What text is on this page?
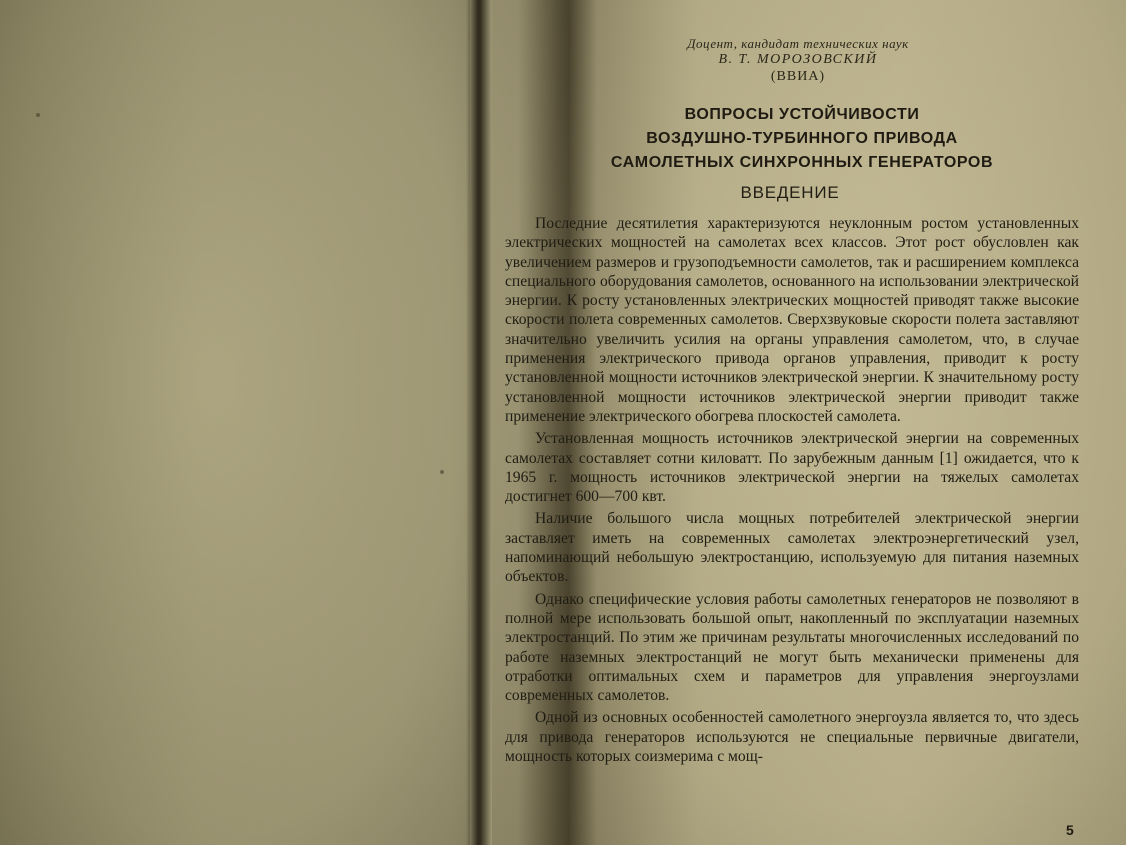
Доцент, кандидат технических наук
В. Т. МОРОЗОВСКИЙ
(ВВИА)
ВОПРОСЫ УСТОЙЧИВОСТИ
ВОЗДУШНО-ТУРБИННОГО ПРИВОДА
САМОЛЕТНЫХ СИНХРОННЫХ ГЕНЕРАТОРОВ
ВВЕДЕНИЕ

Последние десятилетия характеризуются неуклонным ростом установленных электрических мощностей на самолетах всех классов. Этот рост обусловлен как увеличением размеров и грузоподъемности самолетов, так и расширением комплекса специального оборудования самолетов, основанного на использовании электрической энергии. К росту установленных электрических мощностей приводят также высокие скорости полета современных самолетов. Сверхзвуковые скорости полета заставляют значительно увеличить усилия на органы управления самолетом, что, в случае применения электрического привода органов управления, приводит к росту установленной мощности источников электрической энергии. К значительному росту установленной мощности источников электрической энергии приводит также применение электрического обогрева плоскостей самолета.

Установленная мощность источников электрической энергии на современных самолетах составляет сотни киловатт. По зарубежным данным [1] ожидается, что к 1965 г. мощность источников электрической энергии на тяжелых самолетах достигнет 600—700 квт.

Наличие большого числа мощных потребителей электрической энергии заставляет иметь на современных самолетах электроэнергетический узел, напоминающий небольшую электростанцию, используемую для питания наземных объектов.

Однако специфические условия работы самолетных генераторов не позволяют в полной мере использовать большой опыт, накопленный по эксплуатации наземных электростанций. По этим же причинам результаты многочисленных исследований по работе наземных электростанций не могут быть механически применены для отработки оптимальных схем и параметров для управления энергоузлами современных самолетов.

Одной из основных особенностей самолетного энергоузла является то, что здесь для привода генераторов используются не специальные первичные двигатели, мощность которых соизмерима с мощ-

5
